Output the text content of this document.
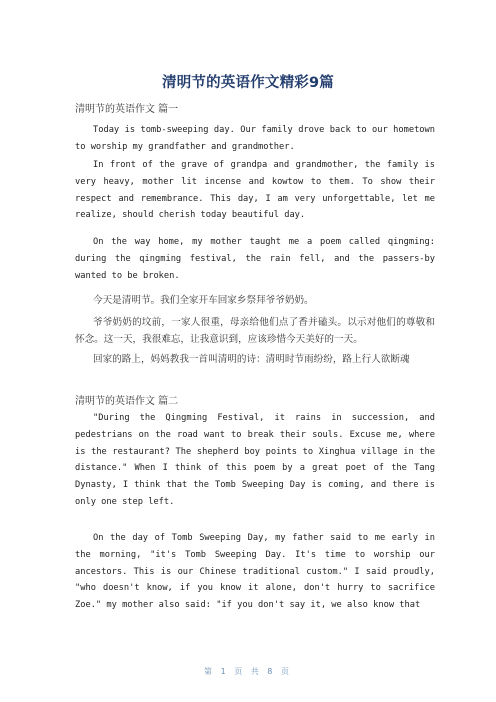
清明节的英语作文精彩9篇
清明节的英语作文 篇一

Today is tomb-sweeping day. Our family drove back to our hometown to worship my grandfather and grandmother.

In front of the grave of grandpa and grandmother, the family is very heavy, mother lit incense and kowtow to them. To show their respect and remembrance. This day, I am very unforgettable, let me realize, should cherish today beautiful day.

On the way home, my mother taught me a poem called qingming: during the qingming festival, the rain fell, and the passers-by wanted to be broken.

今天是清明节。我们全家开车回家乡祭拜爷爷奶奶。

爷爷奶奶的坟前，一家人很重，母亲给他们点了香并磕头。以示对他们的尊敬和怀念。这一天，我很难忘，让我意识到，应该珍惜今天美好的一天。

回家的路上，妈妈教我一首叫清明的诗：清明时节雨纷纷，路上行人欲断魂

清明节的英语作文 篇二

"During the Qingming Festival, it rains in succession, and pedestrians on the road want to break their souls. Excuse me, where is the restaurant? The shepherd boy points to Xinghua village in the distance." When I think of this poem by a great poet of the Tang Dynasty, I think that the Tomb Sweeping Day is coming, and there is only one step left.

On the day of Tomb Sweeping Day, my father said to me early in the morning, "it's Tomb Sweeping Day. It's time to worship our ancestors. This is our Chinese traditional custom." I said proudly, "who doesn't know, if you know it alone, don't hurry to sacrifice Zoe." my mother also said: "if you don't say it, we also know that

第 1 页 共 8 页
